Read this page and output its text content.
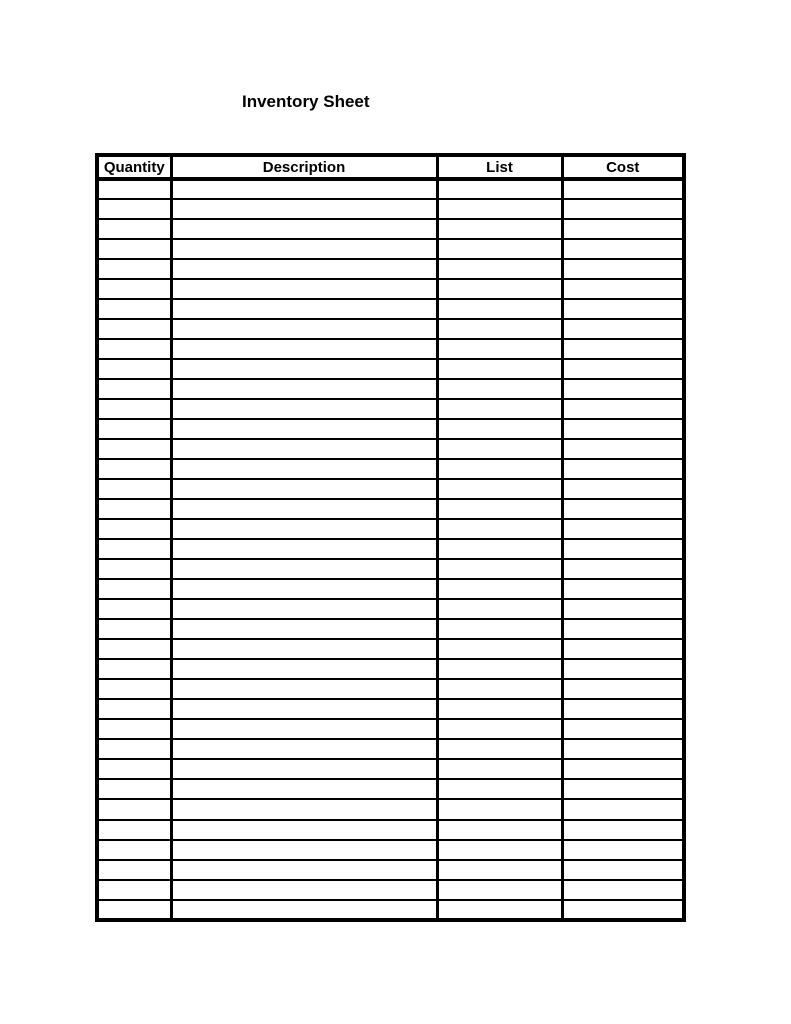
Inventory Sheet
Quantity	Description	List	Cost
